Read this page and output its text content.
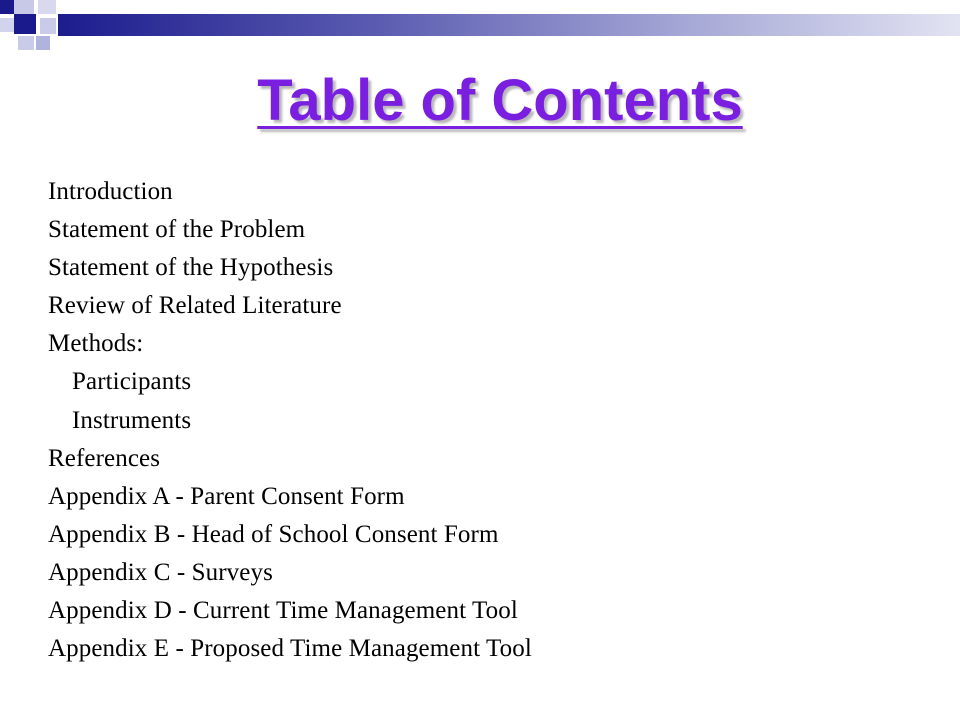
Table of Contents
Introduction
Statement of the Problem
Statement of the Hypothesis
Review of Related Literature
Methods:
Participants
Instruments
References
Appendix A - Parent Consent Form
Appendix B - Head of School Consent Form
Appendix C - Surveys
Appendix D - Current Time Management Tool
Appendix E - Proposed Time Management Tool
